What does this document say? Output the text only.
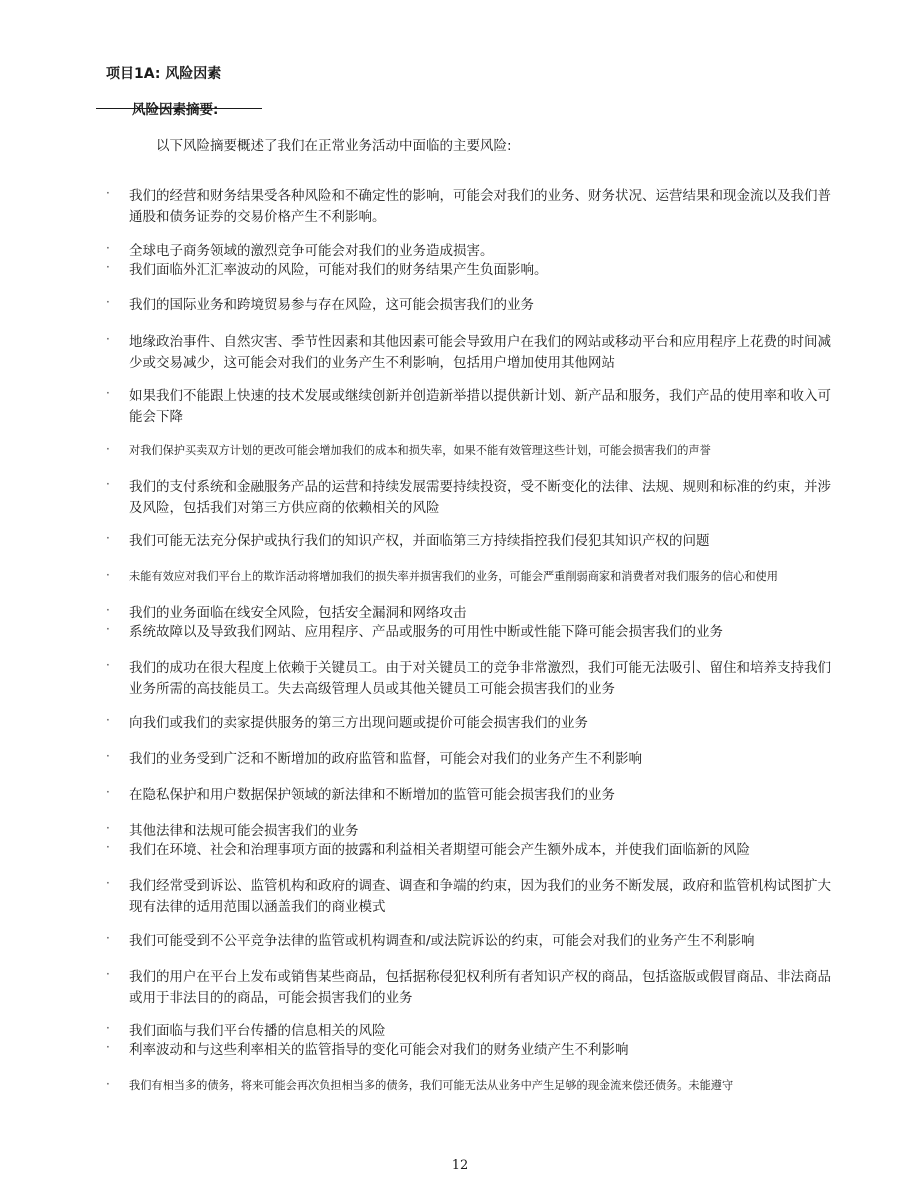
项目1A: 风险因素
风险因素摘要:
以下风险摘要概述了我们在正常业务活动中面临的主要风险:
· 我们的经营和财务结果受各种风险和不确定性的影响，可能会对我们的业务、财务状况、运营结果和现金流以及我们普通股和债务证券的交易价格产生不利影响。
· 全球电子商务领域的激烈竞争可能会对我们的业务造成损害。
· 我们面临外汇汇率波动的风险，可能对我们的财务结果产生负面影响。
· 我们的国际业务和跨境贸易参与存在风险，这可能会损害我们的业务
· 地缘政治事件、自然灾害、季节性因素和其他因素可能会导致用户在我们的网站或移动平台和应用程序上花费的时间减少或交易减少，这可能会对我们的业务产生不利影响，包括用户增加使用其他网站
· 如果我们不能跟上快速的技术发展或继续创新并创造新举措以提供新计划、新产品和服务，我们产品的使用率和收入可能会下降
· 对我们保护买卖双方计划的更改可能会增加我们的成本和损失率，如果不能有效管理这些计划，可能会损害我们的声誉
· 我们的支付系统和金融服务产品的运营和持续发展需要持续投资，受不断变化的法律、法规、规则和标准的约束，并涉及风险，包括我们对第三方供应商的依赖相关的风险
· 我们可能无法充分保护或执行我们的知识产权，并面临第三方持续指控我们侵犯其知识产权的问题
· 未能有效应对我们平台上的欺诈活动将增加我们的损失率并损害我们的业务，可能会严重削弱商家和消费者对我们服务的信心和使用
· 我们的业务面临在线安全风险，包括安全漏洞和网络攻击
· 系统故障以及导致我们网站、应用程序、产品或服务的可用性中断或性能下降可能会损害我们的业务
· 我们的成功在很大程度上依赖于关键员工。由于对关键员工的竞争非常激烈，我们可能无法吸引、留住和培养支持我们业务所需的高技能员工。失去高级管理人员或其他关键员工可能会损害我们的业务
· 向我们或我们的卖家提供服务的第三方出现问题或提价可能会损害我们的业务
· 我们的业务受到广泛和不断增加的政府监管和监督，可能会对我们的业务产生不利影响
· 在隐私保护和用户数据保护领域的新法律和不断增加的监管可能会损害我们的业务
· 其他法律和法规可能会损害我们的业务
· 我们在环境、社会和治理事项方面的披露和利益相关者期望可能会产生额外成本，并使我们面临新的风险
· 我们经常受到诉讼、监管机构和政府的调查、调查和争端的约束，因为我们的业务不断发展，政府和监管机构试图扩大现有法律的适用范围以涵盖我们的商业模式
· 我们可能受到不公平竞争法律的监管或机构调查和/或法院诉讼的约束，可能会对我们的业务产生不利影响
· 我们的用户在平台上发布或销售某些商品，包括据称侵犯权利所有者知识产权的商品，包括盗版或假冒商品、非法商品或用于非法目的的商品，可能会损害我们的业务
· 我们面临与我们平台传播的信息相关的风险
· 利率波动和与这些利率相关的监管指导的变化可能会对我们的财务业绩产生不利影响
· 我们有相当多的债务，将来可能会再次负担相当多的债务，我们可能无法从业务中产生足够的现金流来偿还债务。未能遵守
12
